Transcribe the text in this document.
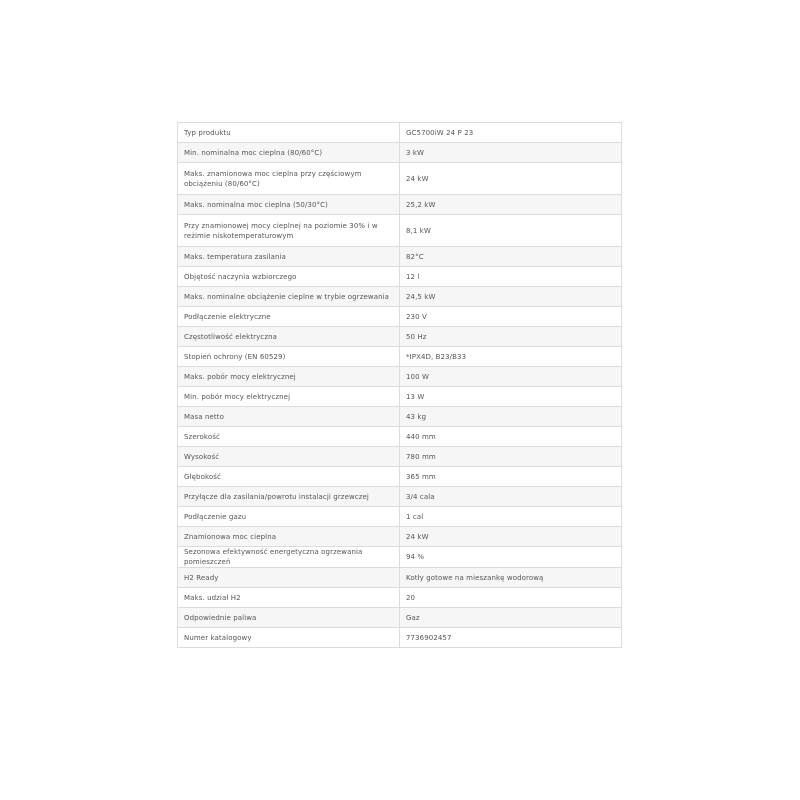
Typ produktu	GC5700iW 24 P 23
Min. nominalna moc cieplna (80/60°C)	3 kW
Maks. znamionowa moc cieplna przy częściowym obciążeniu (80/60°C)	24 kW
Maks. nominalna moc cieplna (50/30°C)	25,2 kW
Przy znamionowej mocy cieplnej na poziomie 30% i w reżimie niskotemperaturowym	8,1 kW
Maks. temperatura zasilania	82°C
Objętość naczynia wzbiorczego	12 l
Maks. nominalne obciążenie cieplne w trybie ogrzewania	24,5 kW
Podłączenie elektryczne	230 V
Częstotliwość elektryczna	50 Hz
Stopień ochrony (EN 60529)	*IPX4D, B23/B33
Maks. pobór mocy elektrycznej	100 W
Min. pobór mocy elektrycznej	13 W
Masa netto	43 kg
Szerokość	440 mm
Wysokość	780 mm
Głębokość	365 mm
Przyłącze dla zasilania/powrotu instalacji grzewczej	3/4 cala
Podłączenie gazu	1 cal
Znamionowa moc cieplna	24 kW
Sezonowa efektywność energetyczna ogrzewania pomieszczeń	94 %
H2 Ready	Kotły gotowe na mieszankę wodorową
Maks. udział H2	20
Odpowiednie paliwa	Gaz
Numer katalogowy	7736902457
